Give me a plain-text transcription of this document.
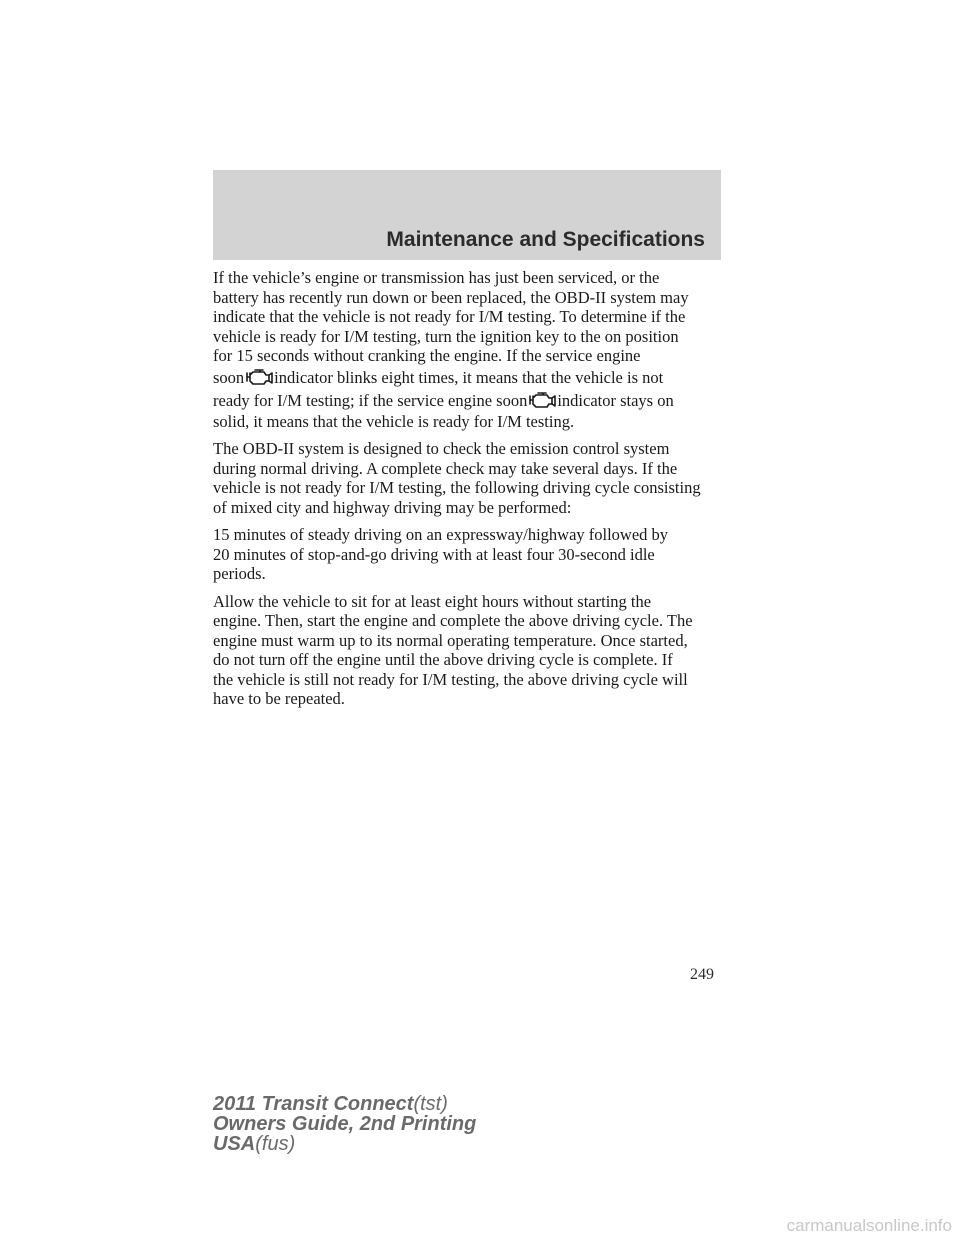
Maintenance and Specifications
If the vehicle’s engine or transmission has just been serviced, or the
battery has recently run down or been replaced, the OBD-II system may
indicate that the vehicle is not ready for I/M testing. To determine if the
vehicle is ready for I/M testing, turn the ignition key to the on position
for 15 seconds without cranking the engine. If the service engine
soon indicator blinks eight times, it means that the vehicle is not
ready for I/M testing; if the service engine soon indicator stays on
solid, it means that the vehicle is ready for I/M testing.
The OBD-II system is designed to check the emission control system
during normal driving. A complete check may take several days. If the
vehicle is not ready for I/M testing, the following driving cycle consisting
of mixed city and highway driving may be performed:
15 minutes of steady driving on an expressway/highway followed by
20 minutes of stop-and-go driving with at least four 30-second idle
periods.
Allow the vehicle to sit for at least eight hours without starting the
engine. Then, start the engine and complete the above driving cycle. The
engine must warm up to its normal operating temperature. Once started,
do not turn off the engine until the above driving cycle is complete. If
the vehicle is still not ready for I/M testing, the above driving cycle will
have to be repeated.
249
2011 Transit Connect(tst)
Owners Guide, 2nd Printing
USA(fus)
carmanualsonline.info
